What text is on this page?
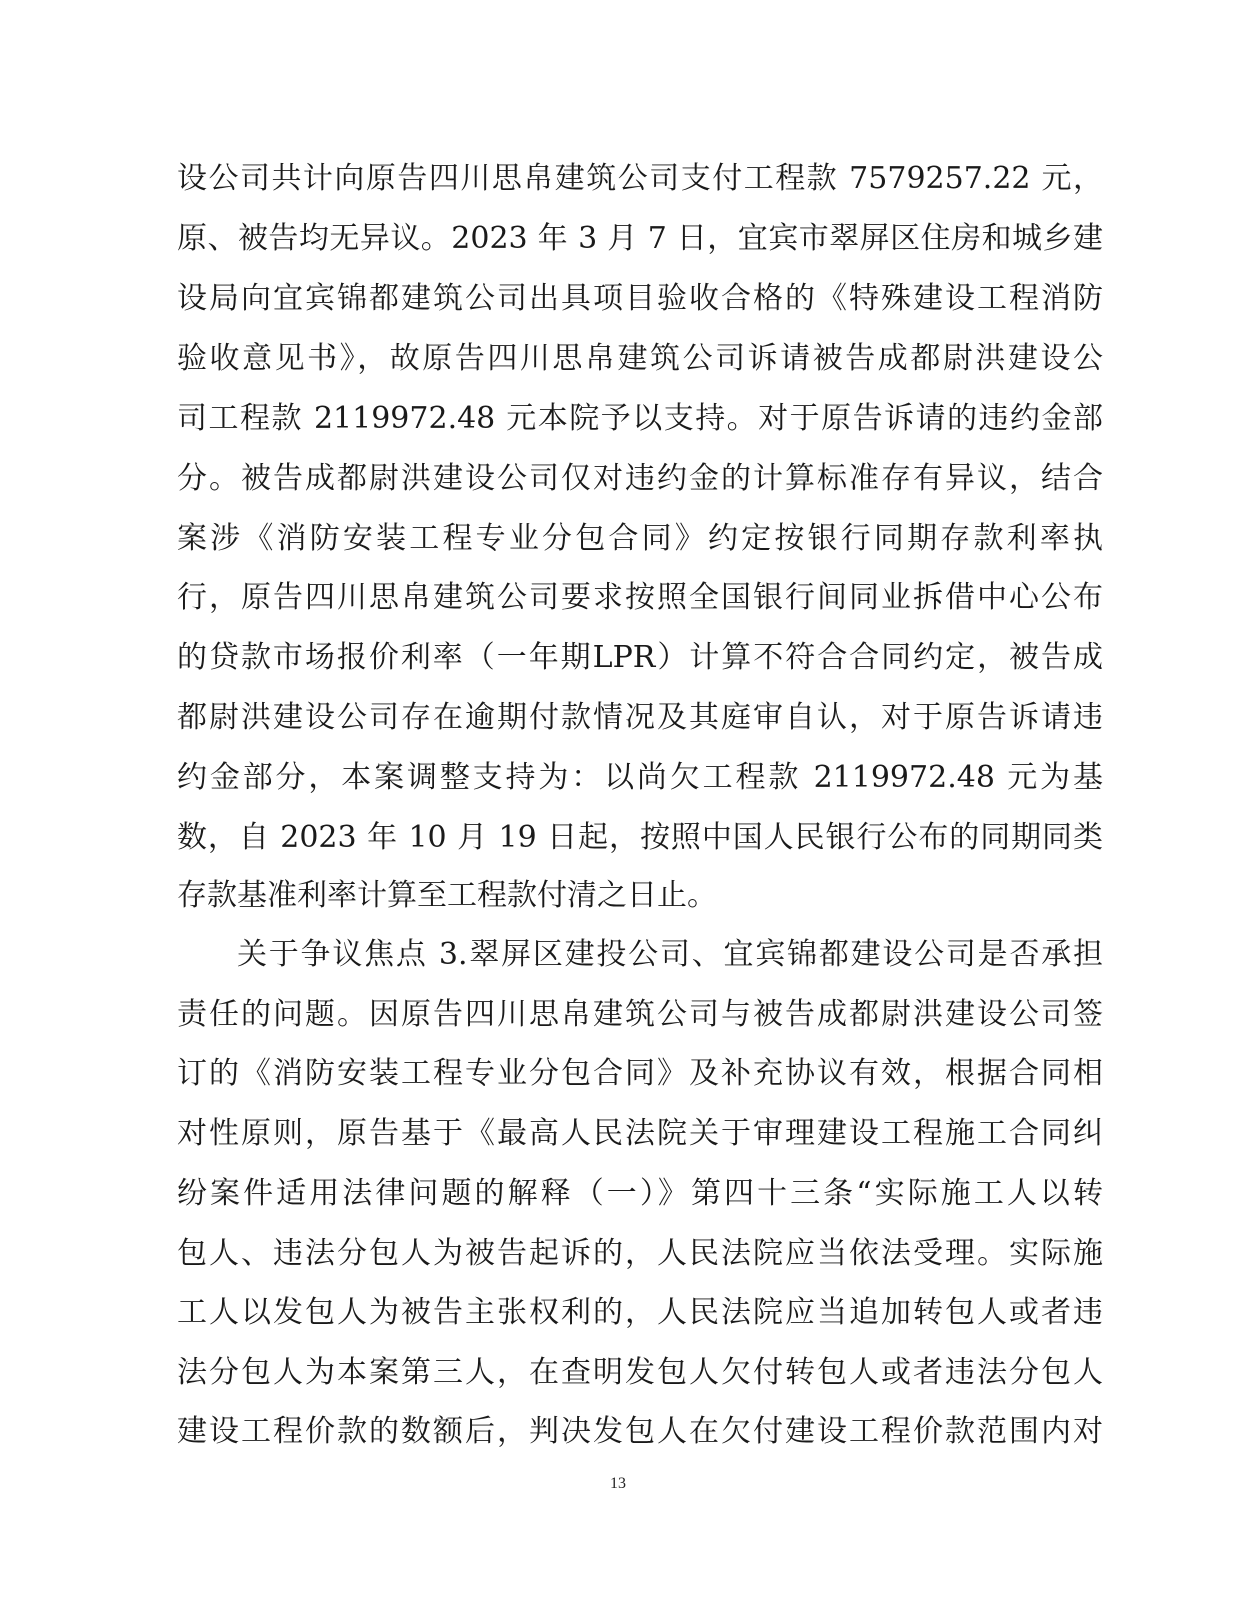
设公司共计向原告四川思帛建筑公司支付工程款 7579257.22 元，
原、被告均无异议。2023 年 3 月 7 日，宜宾市翠屏区住房和城乡建
设局向宜宾锦都建筑公司出具项目验收合格的《特殊建设工程消防
验收意见书》，故原告四川思帛建筑公司诉请被告成都尉洪建设公
司工程款 2119972.48 元本院予以支持。对于原告诉请的违约金部
分。被告成都尉洪建设公司仅对违约金的计算标准存有异议，结合
案涉《消防安装工程专业分包合同》约定按银行同期存款利率执
行，原告四川思帛建筑公司要求按照全国银行间同业拆借中心公布
的贷款市场报价利率（一年期LPR）计算不符合合同约定，被告成
都尉洪建设公司存在逾期付款情况及其庭审自认，对于原告诉请违
约金部分，本案调整支持为：以尚欠工程款 2119972.48 元为基
数，自 2023 年 10 月 19 日起，按照中国人民银行公布的同期同类
存款基准利率计算至工程款付清之日止。
关于争议焦点 3.翠屏区建投公司、宜宾锦都建设公司是否承担
责任的问题。因原告四川思帛建筑公司与被告成都尉洪建设公司签
订的《消防安装工程专业分包合同》及补充协议有效，根据合同相
对性原则，原告基于《最高人民法院关于审理建设工程施工合同纠
纷案件适用法律问题的解释（一）》第四十三条“实际施工人以转
包人、违法分包人为被告起诉的，人民法院应当依法受理。实际施
工人以发包人为被告主张权利的，人民法院应当追加转包人或者违
法分包人为本案第三人，在查明发包人欠付转包人或者违法分包人
建设工程价款的数额后，判决发包人在欠付建设工程价款范围内对
13
